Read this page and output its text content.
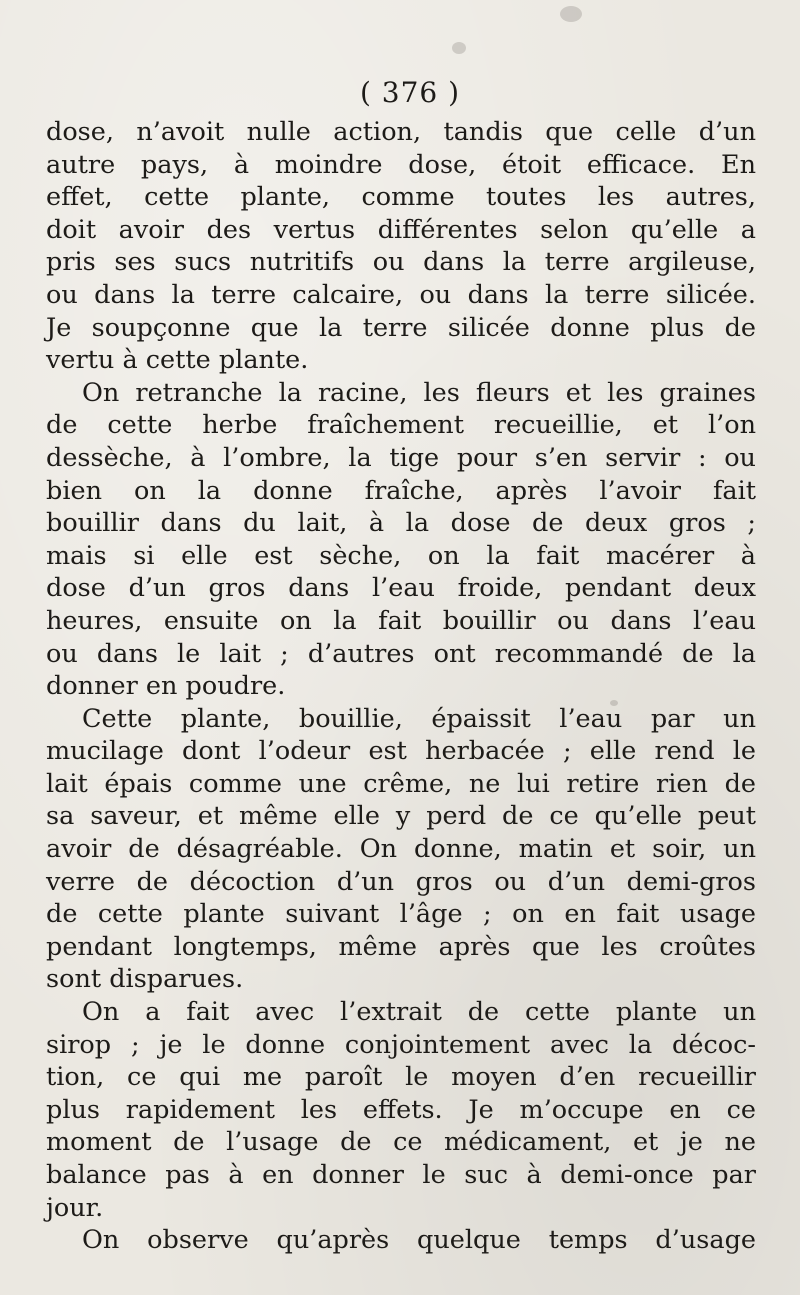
( 376 )
dose, n’avoit nulle action, tandis que celle d’un
autre pays, à moindre dose, étoit efficace. En
effet, cette plante, comme toutes les autres,
doit avoir des vertus différentes selon qu’elle a
pris ses sucs nutritifs ou dans la terre argileuse,
ou dans la terre calcaire, ou dans la terre silicée.
Je soupçonne que la terre silicée donne plus de
vertu à cette plante.
On retranche la racine, les fleurs et les graines
de cette herbe fraîchement recueillie, et l’on
dessèche, à l’ombre, la tige pour s’en servir : ou
bien on la donne fraîche, après l’avoir fait
bouillir dans du lait, à la dose de deux gros ;
mais si elle est sèche, on la fait macérer à
dose d’un gros dans l’eau froide, pendant deux
heures, ensuite on la fait bouillir ou dans l’eau
ou dans le lait ; d’autres ont recommandé de la
donner en poudre.
Cette plante, bouillie, épaissit l’eau par un
mucilage dont l’odeur est herbacée ; elle rend le
lait épais comme une crême, ne lui retire rien de
sa saveur, et même elle y perd de ce qu’elle peut
avoir de désagréable. On donne, matin et soir, un
verre de décoction d’un gros ou d’un demi-gros
de cette plante suivant l’âge ; on en fait usage
pendant longtemps, même après que les croûtes
sont disparues.
On a fait avec l’extrait de cette plante un
sirop ; je le donne conjointement avec la décoc-
tion, ce qui me paroît le moyen d’en recueillir
plus rapidement les effets. Je m’occupe en ce
moment de l’usage de ce médicament, et je ne
balance pas à en donner le suc à demi-once par
jour.
On observe qu’après quelque temps d’usage
